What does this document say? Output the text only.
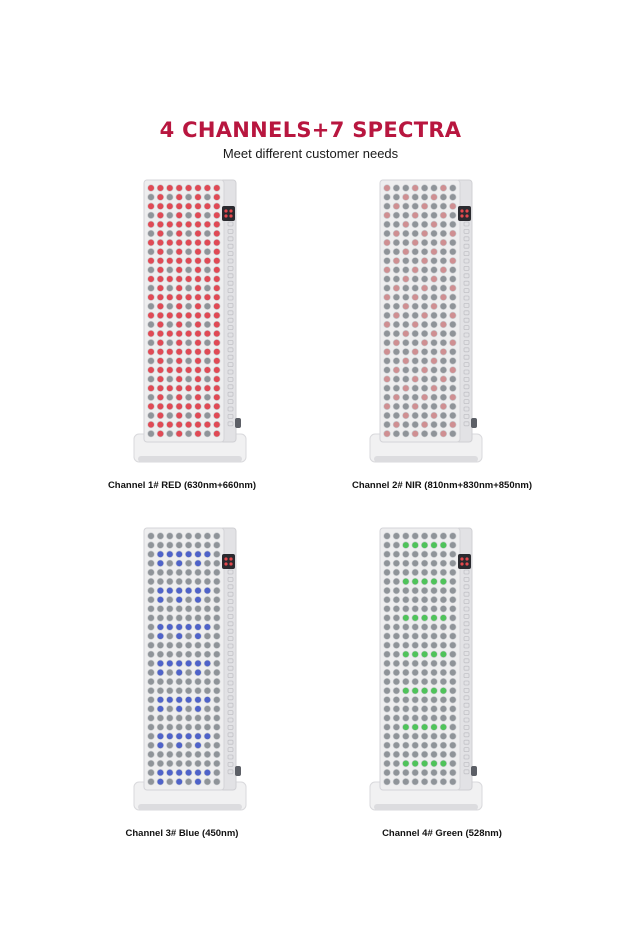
4 CHANNELS+7 SPECTRA
Meet different customer needs
Channel 1# RED (630nm+660nm)	Channel 2# NIR (810nm+830nm+850nm)
Channel 3# Blue (450nm)	Channel 4# Green (528nm)
